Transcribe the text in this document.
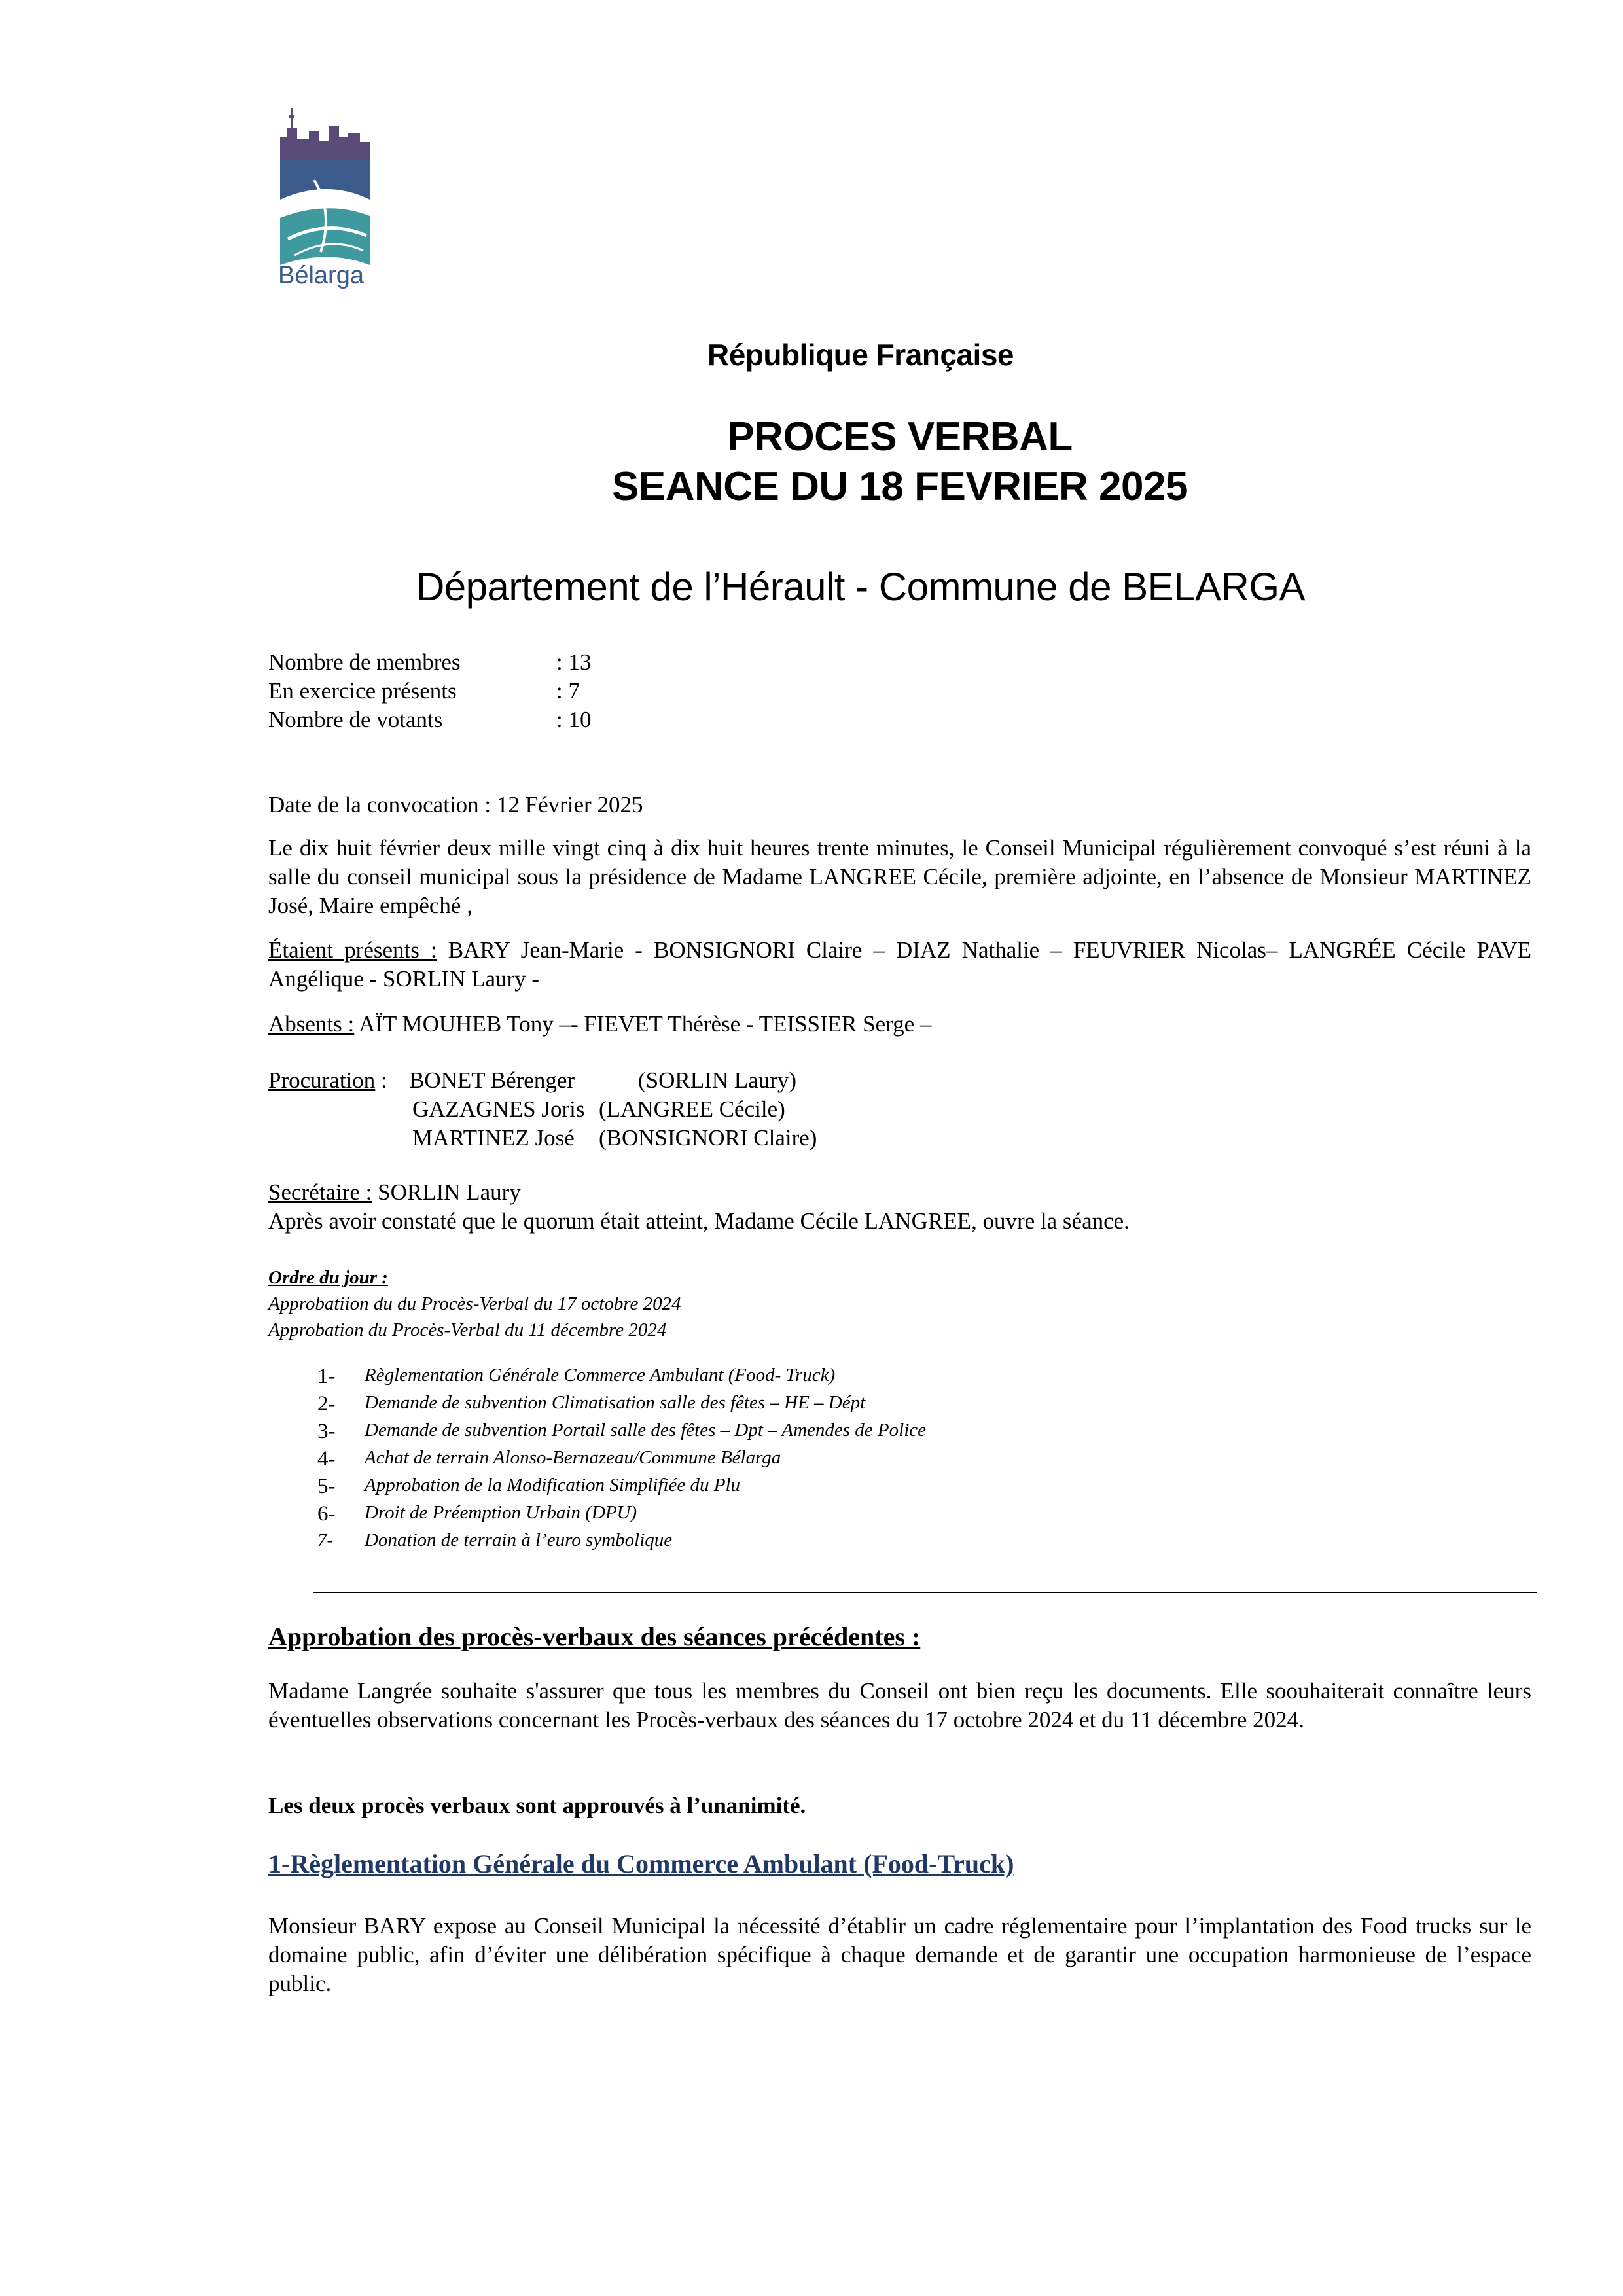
Bélarga
République Française
PROCES VERBAL
SEANCE DU 18 FEVRIER 2025
Département de l’Hérault - Commune de BELARGA
Nombre de membres	: 13
En exercice présents	: 7
Nombre de votants	: 10
Date de la convocation : 12 Février 2025
Le dix huit février deux mille vingt cinq à dix huit heures trente minutes, le Conseil Municipal régulièrement convoqué s’est réuni à la salle du conseil municipal sous la présidence de Madame LANGREE Cécile, première adjointe, en l’absence de Monsieur MARTINEZ José, Maire empêché ,
Étaient présents : BARY Jean-Marie - BONSIGNORI Claire – DIAZ Nathalie – FEUVRIER Nicolas– LANGRÉE Cécile PAVE Angélique - SORLIN Laury -
Absents : AÏT MOUHEB Tony –- FIEVET Thérèse - TEISSIER Serge –
Procuration : BONET Bérenger	(SORLIN Laury)
GAZAGNES Joris (LANGREE Cécile)
MARTINEZ José (BONSIGNORI Claire)
Secrétaire : SORLIN Laury
Après avoir constaté que le quorum était atteint, Madame Cécile LANGREE, ouvre la séance.
Ordre du jour :
Approbatiion du du Procès-Verbal du 17 octobre 2024
Approbation du Procès-Verbal du 11 décembre 2024
1- Règlementation Générale Commerce Ambulant (Food- Truck)
2- Demande de subvention Climatisation salle des fêtes – HE – Dépt
3- Demande de subvention Portail salle des fêtes – Dpt – Amendes de Police
4- Achat de terrain Alonso-Bernazeau/Commune Bélarga
5- Approbation de la Modification Simplifiée du Plu
6- Droit de Préemption Urbain (DPU)
7- Donation de terrain à l’euro symbolique
Approbation des procès-verbaux des séances précédentes :
Madame Langrée souhaite s'assurer que tous les membres du Conseil ont bien reçu les documents. Elle soouhaiterait connaître leurs éventuelles observations concernant les Procès-verbaux des séances du 17 octobre 2024 et du 11 décembre 2024.
Les deux procès verbaux sont approuvés à l’unanimité.
1-Règlementation Générale du Commerce Ambulant (Food-Truck)
Monsieur BARY expose au Conseil Municipal la nécessité d’établir un cadre réglementaire pour l’implantation des Food trucks sur le domaine public, afin d’éviter une délibération spécifique à chaque demande et de garantir une occupation harmonieuse de l’espace public.
